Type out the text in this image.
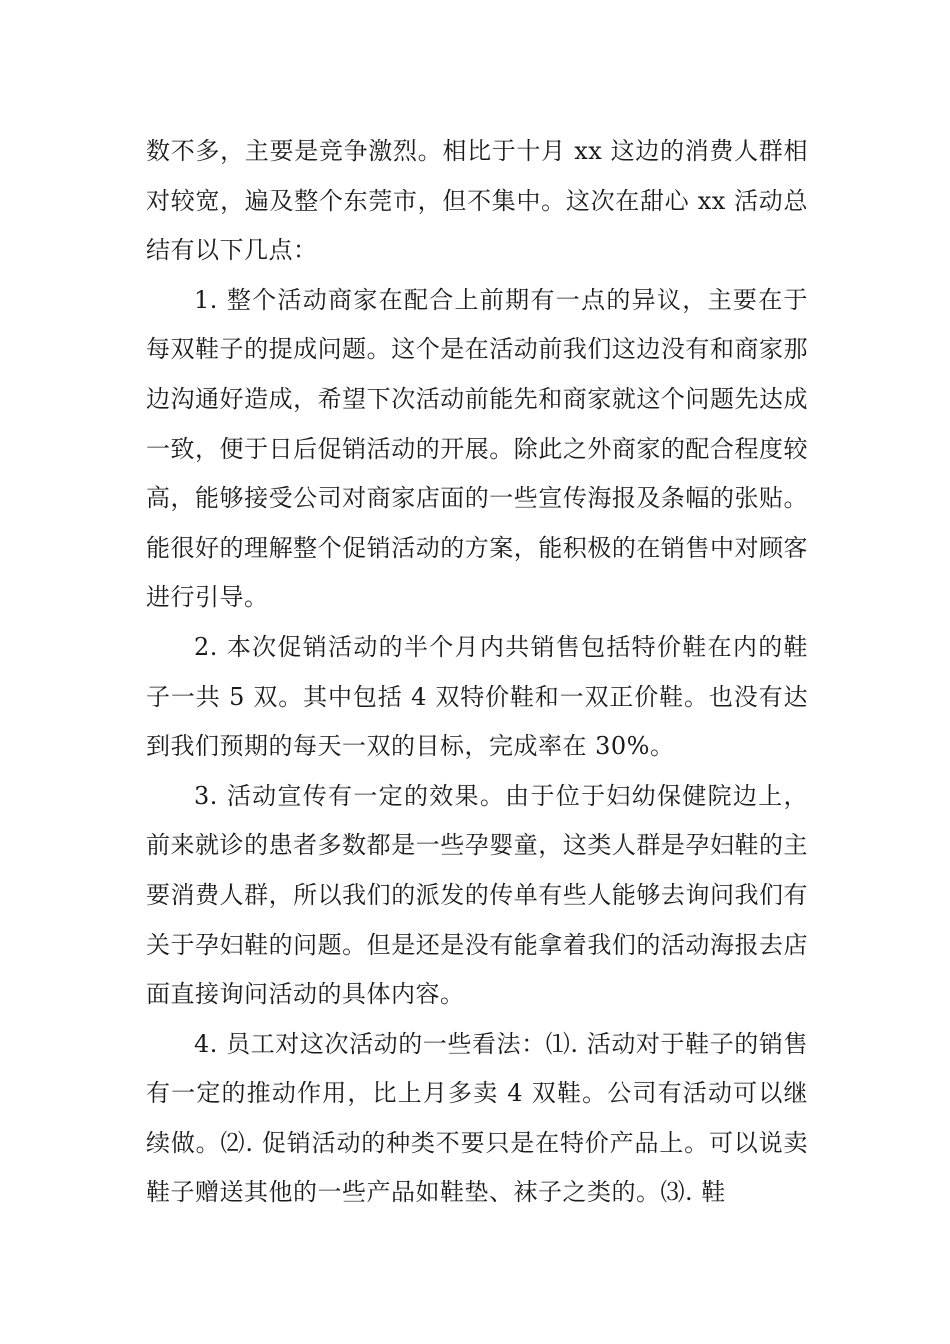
数不多，主要是竞争激烈。相比于十月 xx 这边的消费人群相对较宽，遍及整个东莞市，但不集中。这次在甜心 xx 活动总结有以下几点：

1. 整个活动商家在配合上前期有一点的异议，主要在于每双鞋子的提成问题。这个是在活动前我们这边没有和商家那边沟通好造成，希望下次活动前能先和商家就这个问题先达成一致，便于日后促销活动的开展。除此之外商家的配合程度较高，能够接受公司对商家店面的一些宣传海报及条幅的张贴。能很好的理解整个促销活动的方案，能积极的在销售中对顾客进行引导。

2. 本次促销活动的半个月内共销售包括特价鞋在内的鞋子一共 5 双。其中包括 4 双特价鞋和一双正价鞋。也没有达到我们预期的每天一双的目标，完成率在 30%。

3. 活动宣传有一定的效果。由于位于妇幼保健院边上，前来就诊的患者多数都是一些孕婴童，这类人群是孕妇鞋的主要消费人群，所以我们的派发的传单有些人能够去询问我们有关于孕妇鞋的问题。但是还是没有能拿着我们的活动海报去店面直接询问活动的具体内容。

4. 员工对这次活动的一些看法：⑴. 活动对于鞋子的销售有一定的推动作用，比上月多卖 4 双鞋。公司有活动可以继续做。⑵. 促销活动的种类不要只是在特价产品上。可以说卖鞋子赠送其他的一些产品如鞋垫、袜子之类的。⑶. 鞋
